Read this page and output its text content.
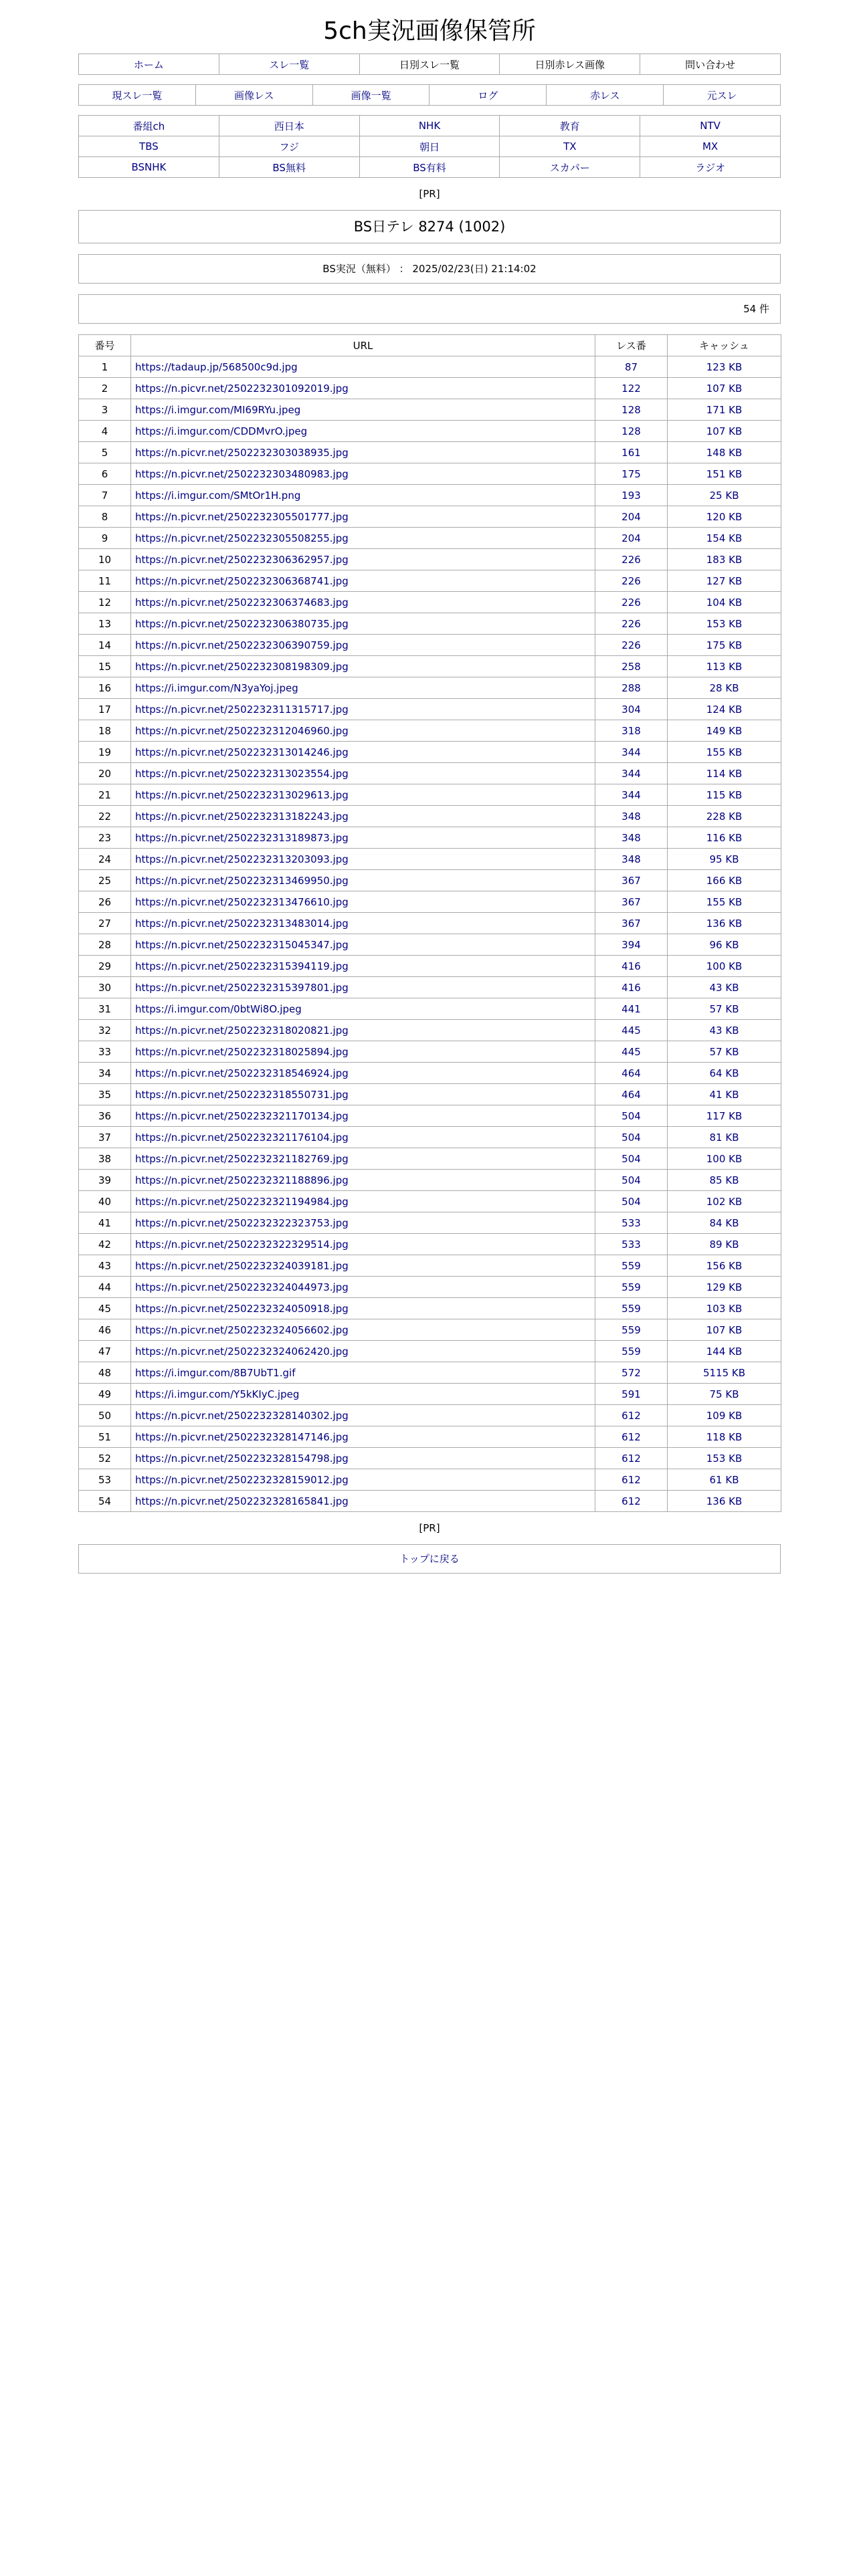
5ch実況画像保管所
ホーム	スレ一覧	日別スレ一覧	日別赤レス画像	問い合わせ
現スレ一覧	画像レス	画像一覧	ログ	赤レス	元スレ
番組ch	西日本	NHK	教育	NTV
TBS	フジ	朝日	TX	MX
BSNHK	BS無料	BS有料	スカパー	ラジオ
[PR]
BS日テレ 8274 (1002)
BS実況（無料） ： 2025/02/23(日) 21:14:02
54 件
番号	URL	レス番	キャッシュ
1	https://tadaup.jp/568500c9d.jpg	87	123 KB
2	https://n.picvr.net/2502232301092019.jpg	122	107 KB
3	https://i.imgur.com/MI69RYu.jpeg	128	171 KB
4	https://i.imgur.com/CDDMvrO.jpeg	128	107 KB
5	https://n.picvr.net/2502232303038935.jpg	161	148 KB
6	https://n.picvr.net/2502232303480983.jpg	175	151 KB
7	https://i.imgur.com/SMtOr1H.png	193	25 KB
8	https://n.picvr.net/2502232305501777.jpg	204	120 KB
9	https://n.picvr.net/2502232305508255.jpg	204	154 KB
10	https://n.picvr.net/2502232306362957.jpg	226	183 KB
11	https://n.picvr.net/2502232306368741.jpg	226	127 KB
12	https://n.picvr.net/2502232306374683.jpg	226	104 KB
13	https://n.picvr.net/2502232306380735.jpg	226	153 KB
14	https://n.picvr.net/2502232306390759.jpg	226	175 KB
15	https://n.picvr.net/2502232308198309.jpg	258	113 KB
16	https://i.imgur.com/N3yaYoj.jpeg	288	28 KB
17	https://n.picvr.net/2502232311315717.jpg	304	124 KB
18	https://n.picvr.net/2502232312046960.jpg	318	149 KB
19	https://n.picvr.net/2502232313014246.jpg	344	155 KB
20	https://n.picvr.net/2502232313023554.jpg	344	114 KB
21	https://n.picvr.net/2502232313029613.jpg	344	115 KB
22	https://n.picvr.net/2502232313182243.jpg	348	228 KB
23	https://n.picvr.net/2502232313189873.jpg	348	116 KB
24	https://n.picvr.net/2502232313203093.jpg	348	95 KB
25	https://n.picvr.net/2502232313469950.jpg	367	166 KB
26	https://n.picvr.net/2502232313476610.jpg	367	155 KB
27	https://n.picvr.net/2502232313483014.jpg	367	136 KB
28	https://n.picvr.net/2502232315045347.jpg	394	96 KB
29	https://n.picvr.net/2502232315394119.jpg	416	100 KB
30	https://n.picvr.net/2502232315397801.jpg	416	43 KB
31	https://i.imgur.com/0btWi8O.jpeg	441	57 KB
32	https://n.picvr.net/2502232318020821.jpg	445	43 KB
33	https://n.picvr.net/2502232318025894.jpg	445	57 KB
34	https://n.picvr.net/2502232318546924.jpg	464	64 KB
35	https://n.picvr.net/2502232318550731.jpg	464	41 KB
36	https://n.picvr.net/2502232321170134.jpg	504	117 KB
37	https://n.picvr.net/2502232321176104.jpg	504	81 KB
38	https://n.picvr.net/2502232321182769.jpg	504	100 KB
39	https://n.picvr.net/2502232321188896.jpg	504	85 KB
40	https://n.picvr.net/2502232321194984.jpg	504	102 KB
41	https://n.picvr.net/2502232322323753.jpg	533	84 KB
42	https://n.picvr.net/2502232322329514.jpg	533	89 KB
43	https://n.picvr.net/2502232324039181.jpg	559	156 KB
44	https://n.picvr.net/2502232324044973.jpg	559	129 KB
45	https://n.picvr.net/2502232324050918.jpg	559	103 KB
46	https://n.picvr.net/2502232324056602.jpg	559	107 KB
47	https://n.picvr.net/2502232324062420.jpg	559	144 KB
48	https://i.imgur.com/8B7UbT1.gif	572	5115 KB
49	https://i.imgur.com/Y5kKIyC.jpeg	591	75 KB
50	https://n.picvr.net/2502232328140302.jpg	612	109 KB
51	https://n.picvr.net/2502232328147146.jpg	612	118 KB
52	https://n.picvr.net/2502232328154798.jpg	612	153 KB
53	https://n.picvr.net/2502232328159012.jpg	612	61 KB
54	https://n.picvr.net/2502232328165841.jpg	612	136 KB
[PR]
トップに戻る
